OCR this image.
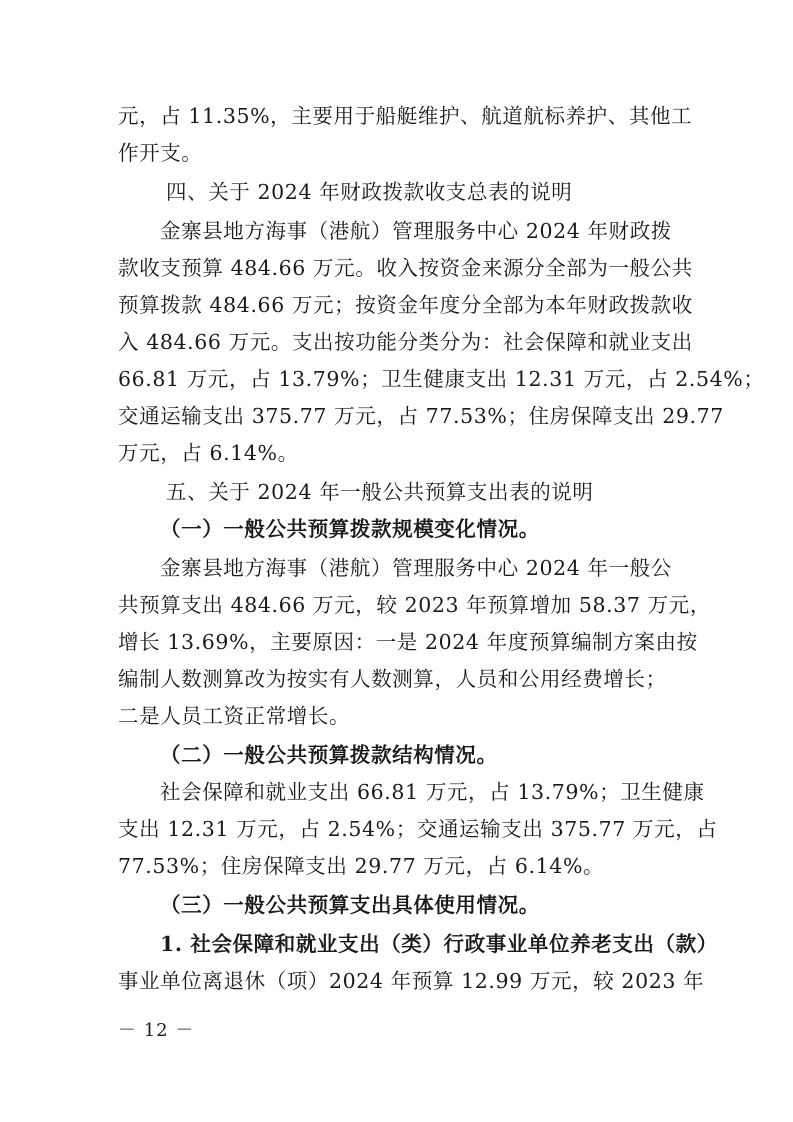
元，占 11.35%，主要用于船艇维护、航道航标养护、其他工
作开支。
四、关于 2024 年财政拨款收支总表的说明
金寨县地方海事（港航）管理服务中心 2024 年财政拨
款收支预算 484.66 万元。收入按资金来源分全部为一般公共
预算拨款 484.66 万元；按资金年度分全部为本年财政拨款收
入 484.66 万元。支出按功能分类分为：社会保障和就业支出
66.81 万元，占 13.79%；卫生健康支出 12.31 万元，占 2.54%；
交通运输支出 375.77 万元，占 77.53%；住房保障支出 29.77
万元，占 6.14%。
五、关于 2024 年一般公共预算支出表的说明
（一）一般公共预算拨款规模变化情况。
金寨县地方海事（港航）管理服务中心 2024 年一般公
共预算支出 484.66 万元，较 2023 年预算增加 58.37 万元，
增长 13.69%，主要原因：一是 2024 年度预算编制方案由按
编制人数测算改为按实有人数测算，人员和公用经费增长；
二是人员工资正常增长。
（二）一般公共预算拨款结构情况。
社会保障和就业支出 66.81 万元，占 13.79%；卫生健康
支出 12.31 万元，占 2.54%；交通运输支出 375.77 万元，占
77.53%；住房保障支出 29.77 万元，占 6.14%。
（三）一般公共预算支出具体使用情况。
1. 社会保障和就业支出（类）行政事业单位养老支出（款）
事业单位离退休（项）2024 年预算 12.99 万元，较 2023 年
－ 12 －
